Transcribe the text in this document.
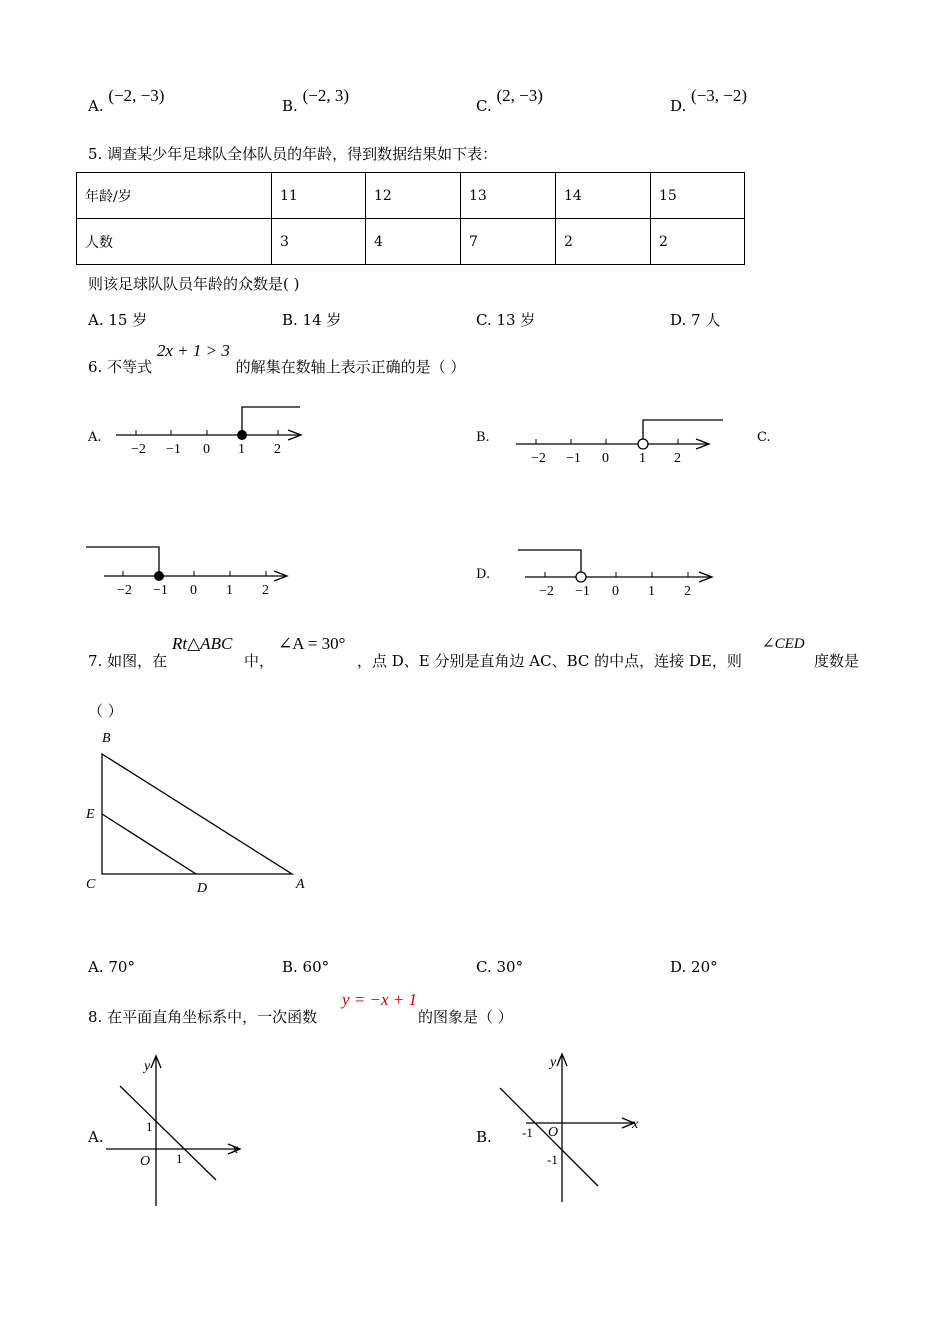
A. (−2, −3)
B. (−2, 3)
C. (2, −3)
D. (−3, −2)
5. 调查某少年足球队全体队员的年龄，得到数据结果如下表：
年龄/岁	11	12	13	14	15
人数	3	4	7	2	2
则该足球队队员年龄的众数是( )
A. 15 岁	B. 14 岁	C. 13 岁	D. 7 人
6. 不等式 2x + 1 > 3 的解集在数轴上表示正确的是（ ）
A.	B.	C.
D.
−2 −1 0 1 2
−2 −1 0 1 2
−2 −1 0 1 2	−2 −1 0 1 2
7. 如图，在
Rt△ABC
中，
∠A = 30°
，点 D、E 分别是直角边 AC、BC 的中点，连接 DE，则
∠CED
度数是
（ ）
B
E
C	D	A
A. 70°	B. 60°	C. 30°	D. 20°
8. 在平面直角坐标系中，一次函数
y = −x + 1
的图象是（ ）
A.	B.
y
x
O
1
1
y
x
O
-1
-1
